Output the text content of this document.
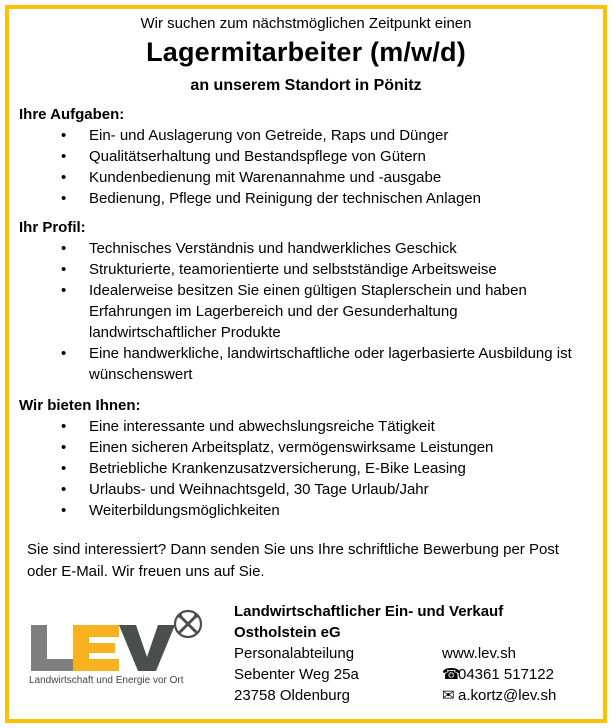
Wir suchen zum nächstmöglichen Zeitpunkt einen
Lagermitarbeiter (m/w/d)
an unserem Standort in Pönitz
Ihre Aufgaben:
• Ein- und Auslagerung von Getreide, Raps und Dünger
• Qualitätserhaltung und Bestandspflege von Gütern
• Kundenbedienung mit Warenannahme und -ausgabe
• Bedienung, Pflege und Reinigung der technischen Anlagen
Ihr Profil:
• Technisches Verständnis und handwerkliches Geschick
• Strukturierte, teamorientierte und selbstständige Arbeitsweise
• Idealerweise besitzen Sie einen gültigen Staplerschein und haben Erfahrungen im Lagerbereich und der Gesunderhaltung landwirtschaftlicher Produkte
• Eine handwerkliche, landwirtschaftliche oder lagerbasierte Ausbildung ist wünschenswert
Wir bieten Ihnen:
• Eine interessante und abwechslungsreiche Tätigkeit
• Einen sicheren Arbeitsplatz, vermögenswirksame Leistungen
• Betriebliche Krankenzusatzversicherung, E-Bike Leasing
• Urlaubs- und Weihnachtsgeld, 30 Tage Urlaub/Jahr
• Weiterbildungsmöglichkeiten
Sie sind interessiert? Dann senden Sie uns Ihre schriftliche Bewerbung per Post oder E-Mail. Wir freuen uns auf Sie.
Landwirtschaft und Energie vor Ort
Landwirtschaftlicher Ein- und Verkauf
Ostholstein eG
Personalabteilung
Sebenter Weg 25a
23758 Oldenburg
www.lev.sh
☎04361 517122
✉ a.kortz@lev.sh
